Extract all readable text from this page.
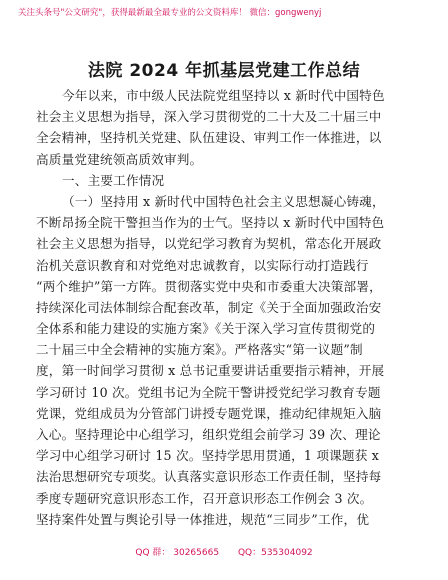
关注头条号"公文研究"，获得最新最全最专业的公文资料库！ 微信：gongwenyj
法院 2024 年抓基层党建工作总结
今年以来，市中级人民法院党组坚持以 x 新时代中国特色
社会主义思想为指导，深入学习贯彻党的二十大及二十届三中
全会精神，坚持机关党建、队伍建设、审判工作一体推进，以
高质量党建统领高质效审判。
一、主要工作情况
（一）坚持用 x 新时代中国特色社会主义思想凝心铸魂，
不断昂扬全院干警担当作为的士气。坚持以 x 新时代中国特色
社会主义思想为指导，以党纪学习教育为契机，常态化开展政
治机关意识教育和对党绝对忠诚教育，以实际行动打造践行
“两个维护”第一方阵。贯彻落实党中央和市委重大决策部署，
持续深化司法体制综合配套改革，制定《关于全面加强政治安
全体系和能力建设的实施方案》《关于深入学习宣传贯彻党的
二十届三中全会精神的实施方案》。严格落实“第一议题”制
度，第一时间学习贯彻 x 总书记重要讲话重要指示精神，开展
学习研讨 10 次。党组书记为全院干警讲授党纪学习教育专题
党课，党组成员为分管部门讲授专题党课，推动纪律规矩入脑
入心。坚持理论中心组学习，组织党组会前学习 39 次、理论
学习中心组学习研讨 15 次。坚持学思用贯通，1 项课题获 x
法治思想研究专项奖。认真落实意识形态工作责任制，坚持每
季度专题研究意识形态工作，召开意识形态工作例会 3 次。
坚持案件处置与舆论引导一体推进，规范“三同步”工作，优
QQ 群： 30265665 QQ：535304092
